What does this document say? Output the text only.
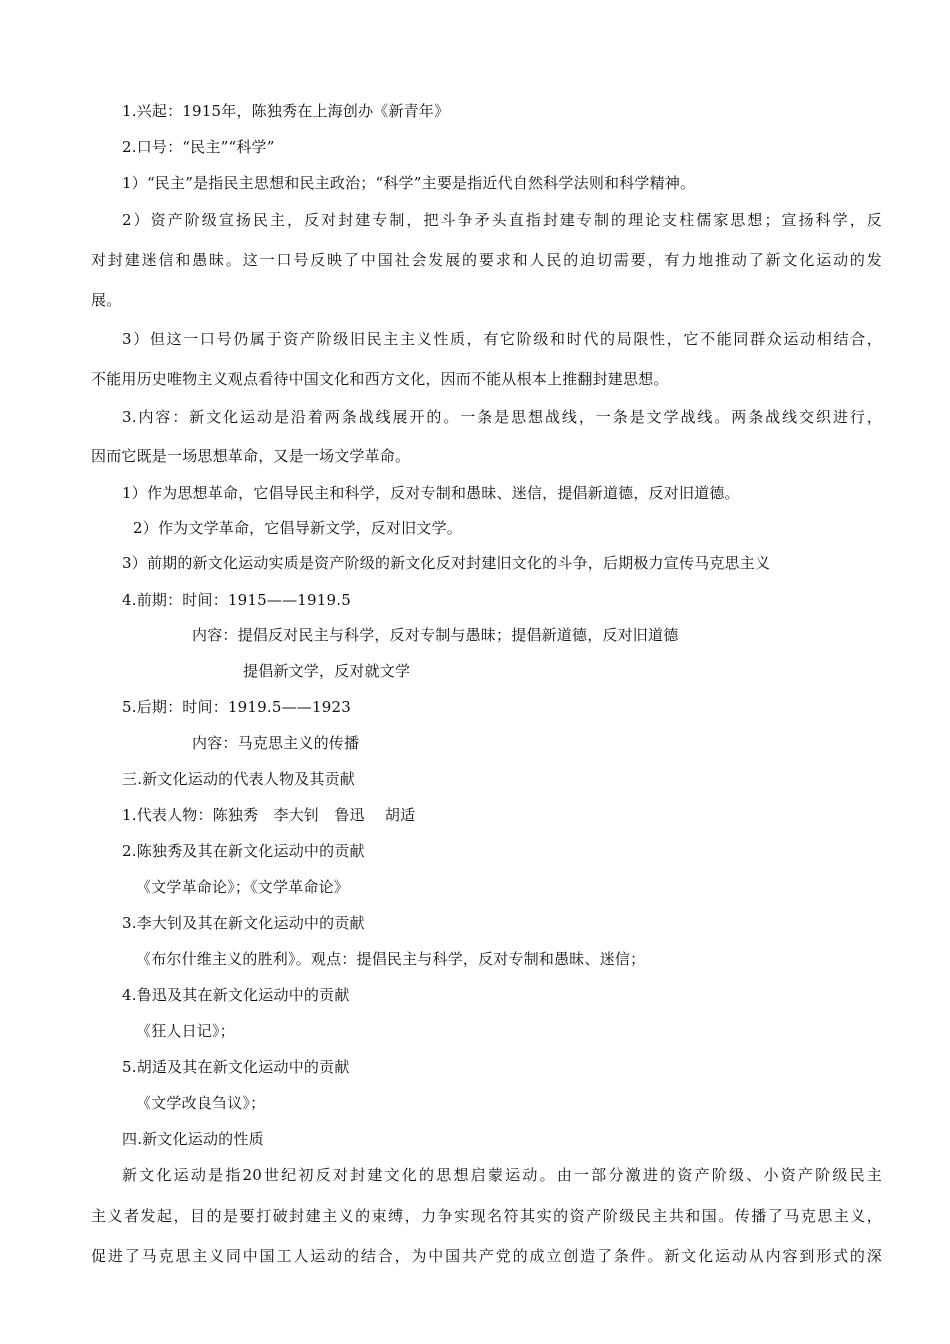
1.兴起：1915年，陈独秀在上海创办《新青年》
2.口号：“民主”“科学”
1）“民主”是指民主思想和民主政治；“科学”主要是指近代自然科学法则和科学精神。
2）资产阶级宣扬民主，反对封建专制，把斗争矛头直指封建专制的理论支柱儒家思想；宣扬科学，反
对封建迷信和愚昧。这一口号反映了中国社会发展的要求和人民的迫切需要，有力地推动了新文化运动的发
展。
3）但这一口号仍属于资产阶级旧民主主义性质，有它阶级和时代的局限性，它不能同群众运动相结合，
不能用历史唯物主义观点看待中国文化和西方文化，因而不能从根本上推翻封建思想。
3.内容：新文化运动是沿着两条战线展开的。一条是思想战线，一条是文学战线。两条战线交织进行，
因而它既是一场思想革命，又是一场文学革命。
1）作为思想革命，它倡导民主和科学，反对专制和愚昧、迷信，提倡新道德，反对旧道德。
2）作为文学革命，它倡导新文学，反对旧文学。
3）前期的新文化运动实质是资产阶级的新文化反对封建旧文化的斗争，后期极力宣传马克思主义
4.前期：时间：1915——1919.5
内容：提倡反对民主与科学，反对专制与愚昧；提倡新道德，反对旧道德
提倡新文学，反对就文学
5.后期：时间：1919.5——1923
内容：马克思主义的传播
三.新文化运动的代表人物及其贡献
1.代表人物：陈独秀　李大钊　鲁迅　 胡适
2.陈独秀及其在新文化运动中的贡献
《文学革命论》；《文学革命论》
3.李大钊及其在新文化运动中的贡献
《布尔什维主义的胜利》。观点：提倡民主与科学，反对专制和愚昧、迷信；
4.鲁迅及其在新文化运动中的贡献
《狂人日记》；
5.胡适及其在新文化运动中的贡献
《文学改良刍议》；
四.新文化运动的性质
新文化运动是指20世纪初反对封建文化的思想启蒙运动。由一部分激进的资产阶级、小资产阶级民主
主义者发起，目的是要打破封建主义的束缚，力争实现名符其实的资产阶级民主共和国。传播了马克思主义，
促进了马克思主义同中国工人运动的结合，为中国共产党的成立创造了条件。新文化运动从内容到形式的深
